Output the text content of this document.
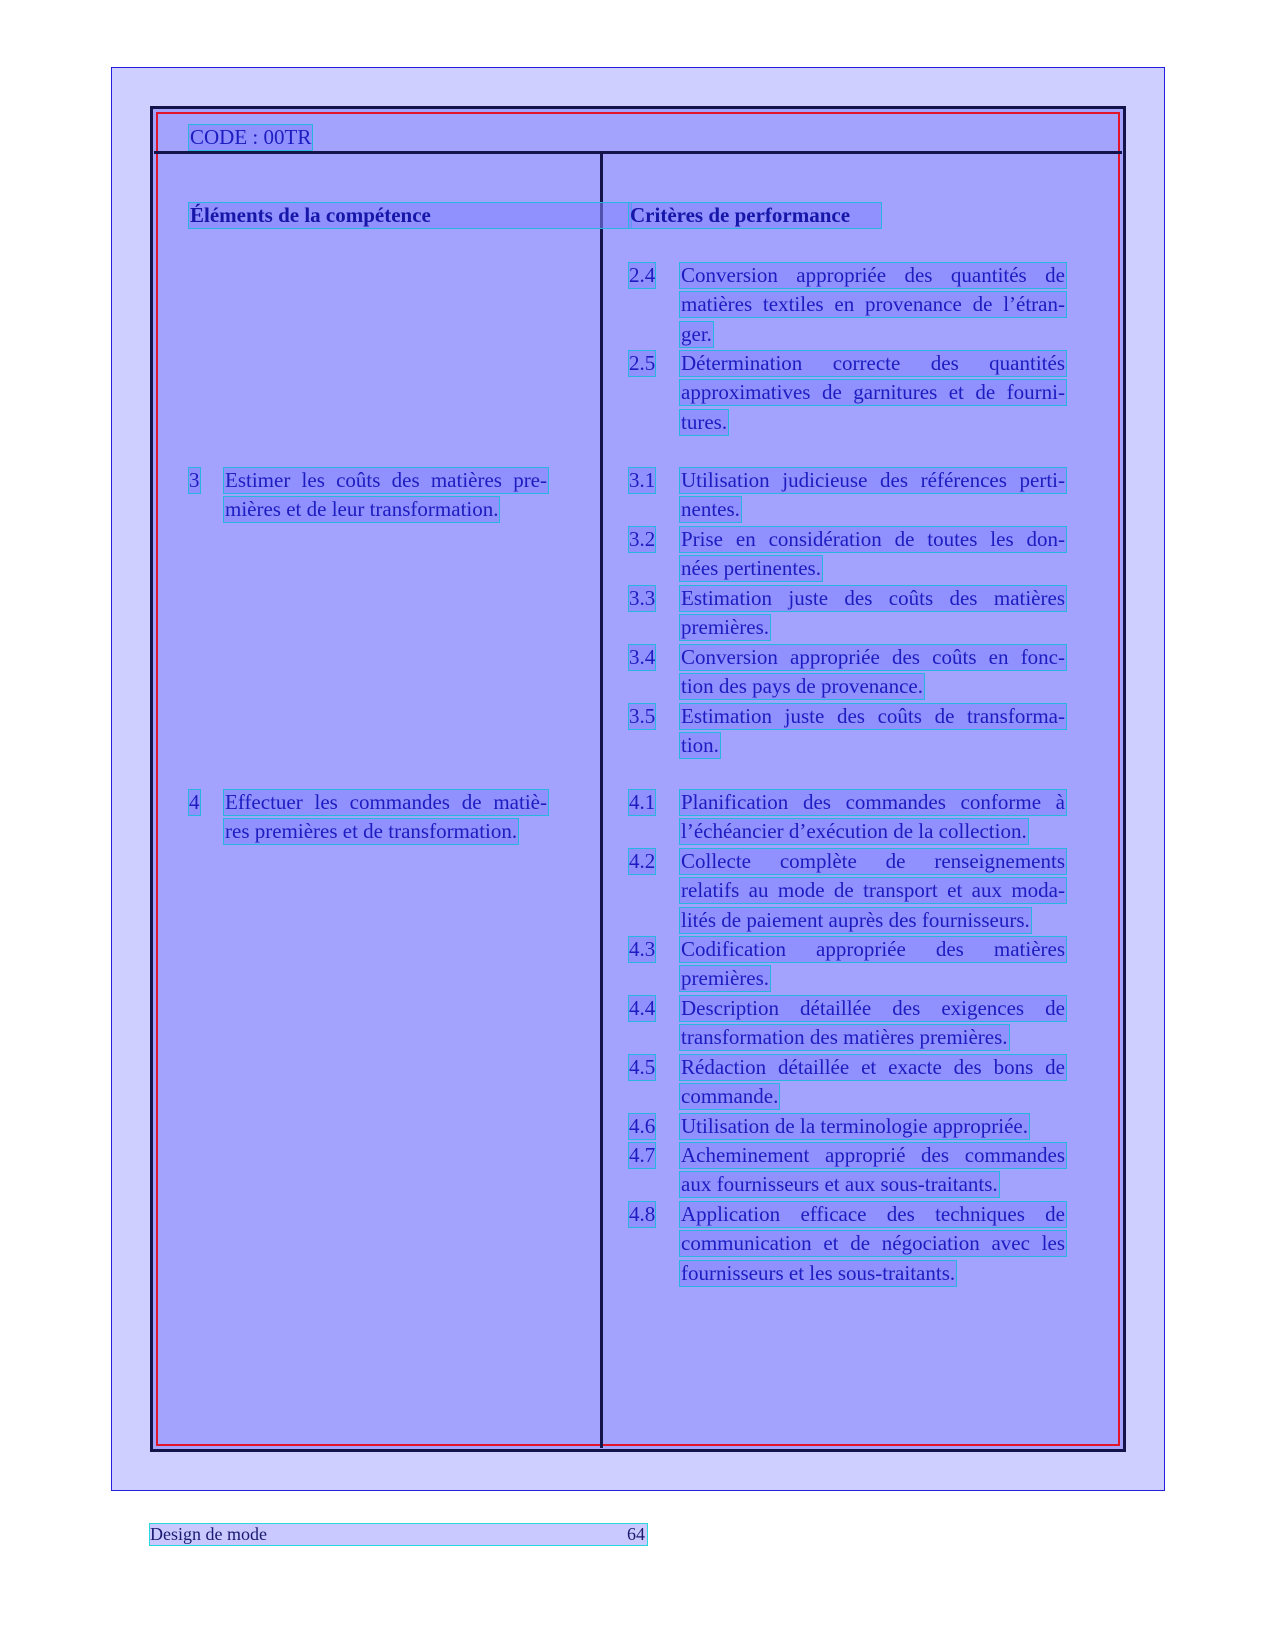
CODE : 00TR
Éléments de la compétence	Critères de performance
3 Estimer les coûts des matières pre-
mières et de leur transformation.
4 Effectuer les commandes de matiè-
res premières et de transformation.
2.4 Conversion appropriée des quantités de
matières textiles en provenance de l’étran-
ger.
2.5 Détermination correcte des quantités
approximatives de garnitures et de fourni-
tures.
3.1 Utilisation judicieuse des références perti-
nentes.
3.2 Prise en considération de toutes les don-
nées pertinentes.
3.3 Estimation juste des coûts des matières
premières.
3.4 Conversion appropriée des coûts en fonc-
tion des pays de provenance.
3.5 Estimation juste des coûts de transforma-
tion.
4.1 Planification des commandes conforme à
l’échéancier d’exécution de la collection.
4.2 Collecte complète de renseignements
relatifs au mode de transport et aux moda-
lités de paiement auprès des fournisseurs.
4.3 Codification appropriée des matières
premières.
4.4 Description détaillée des exigences de
transformation des matières premières.
4.5 Rédaction détaillée et exacte des bons de
commande.
4.6 Utilisation de la terminologie appropriée.
4.7 Acheminement approprié des commandes
aux fournisseurs et aux sous-traitants.
4.8 Application efficace des techniques de
communication et de négociation avec les
fournisseurs et les sous-traitants.
Design de mode	64
